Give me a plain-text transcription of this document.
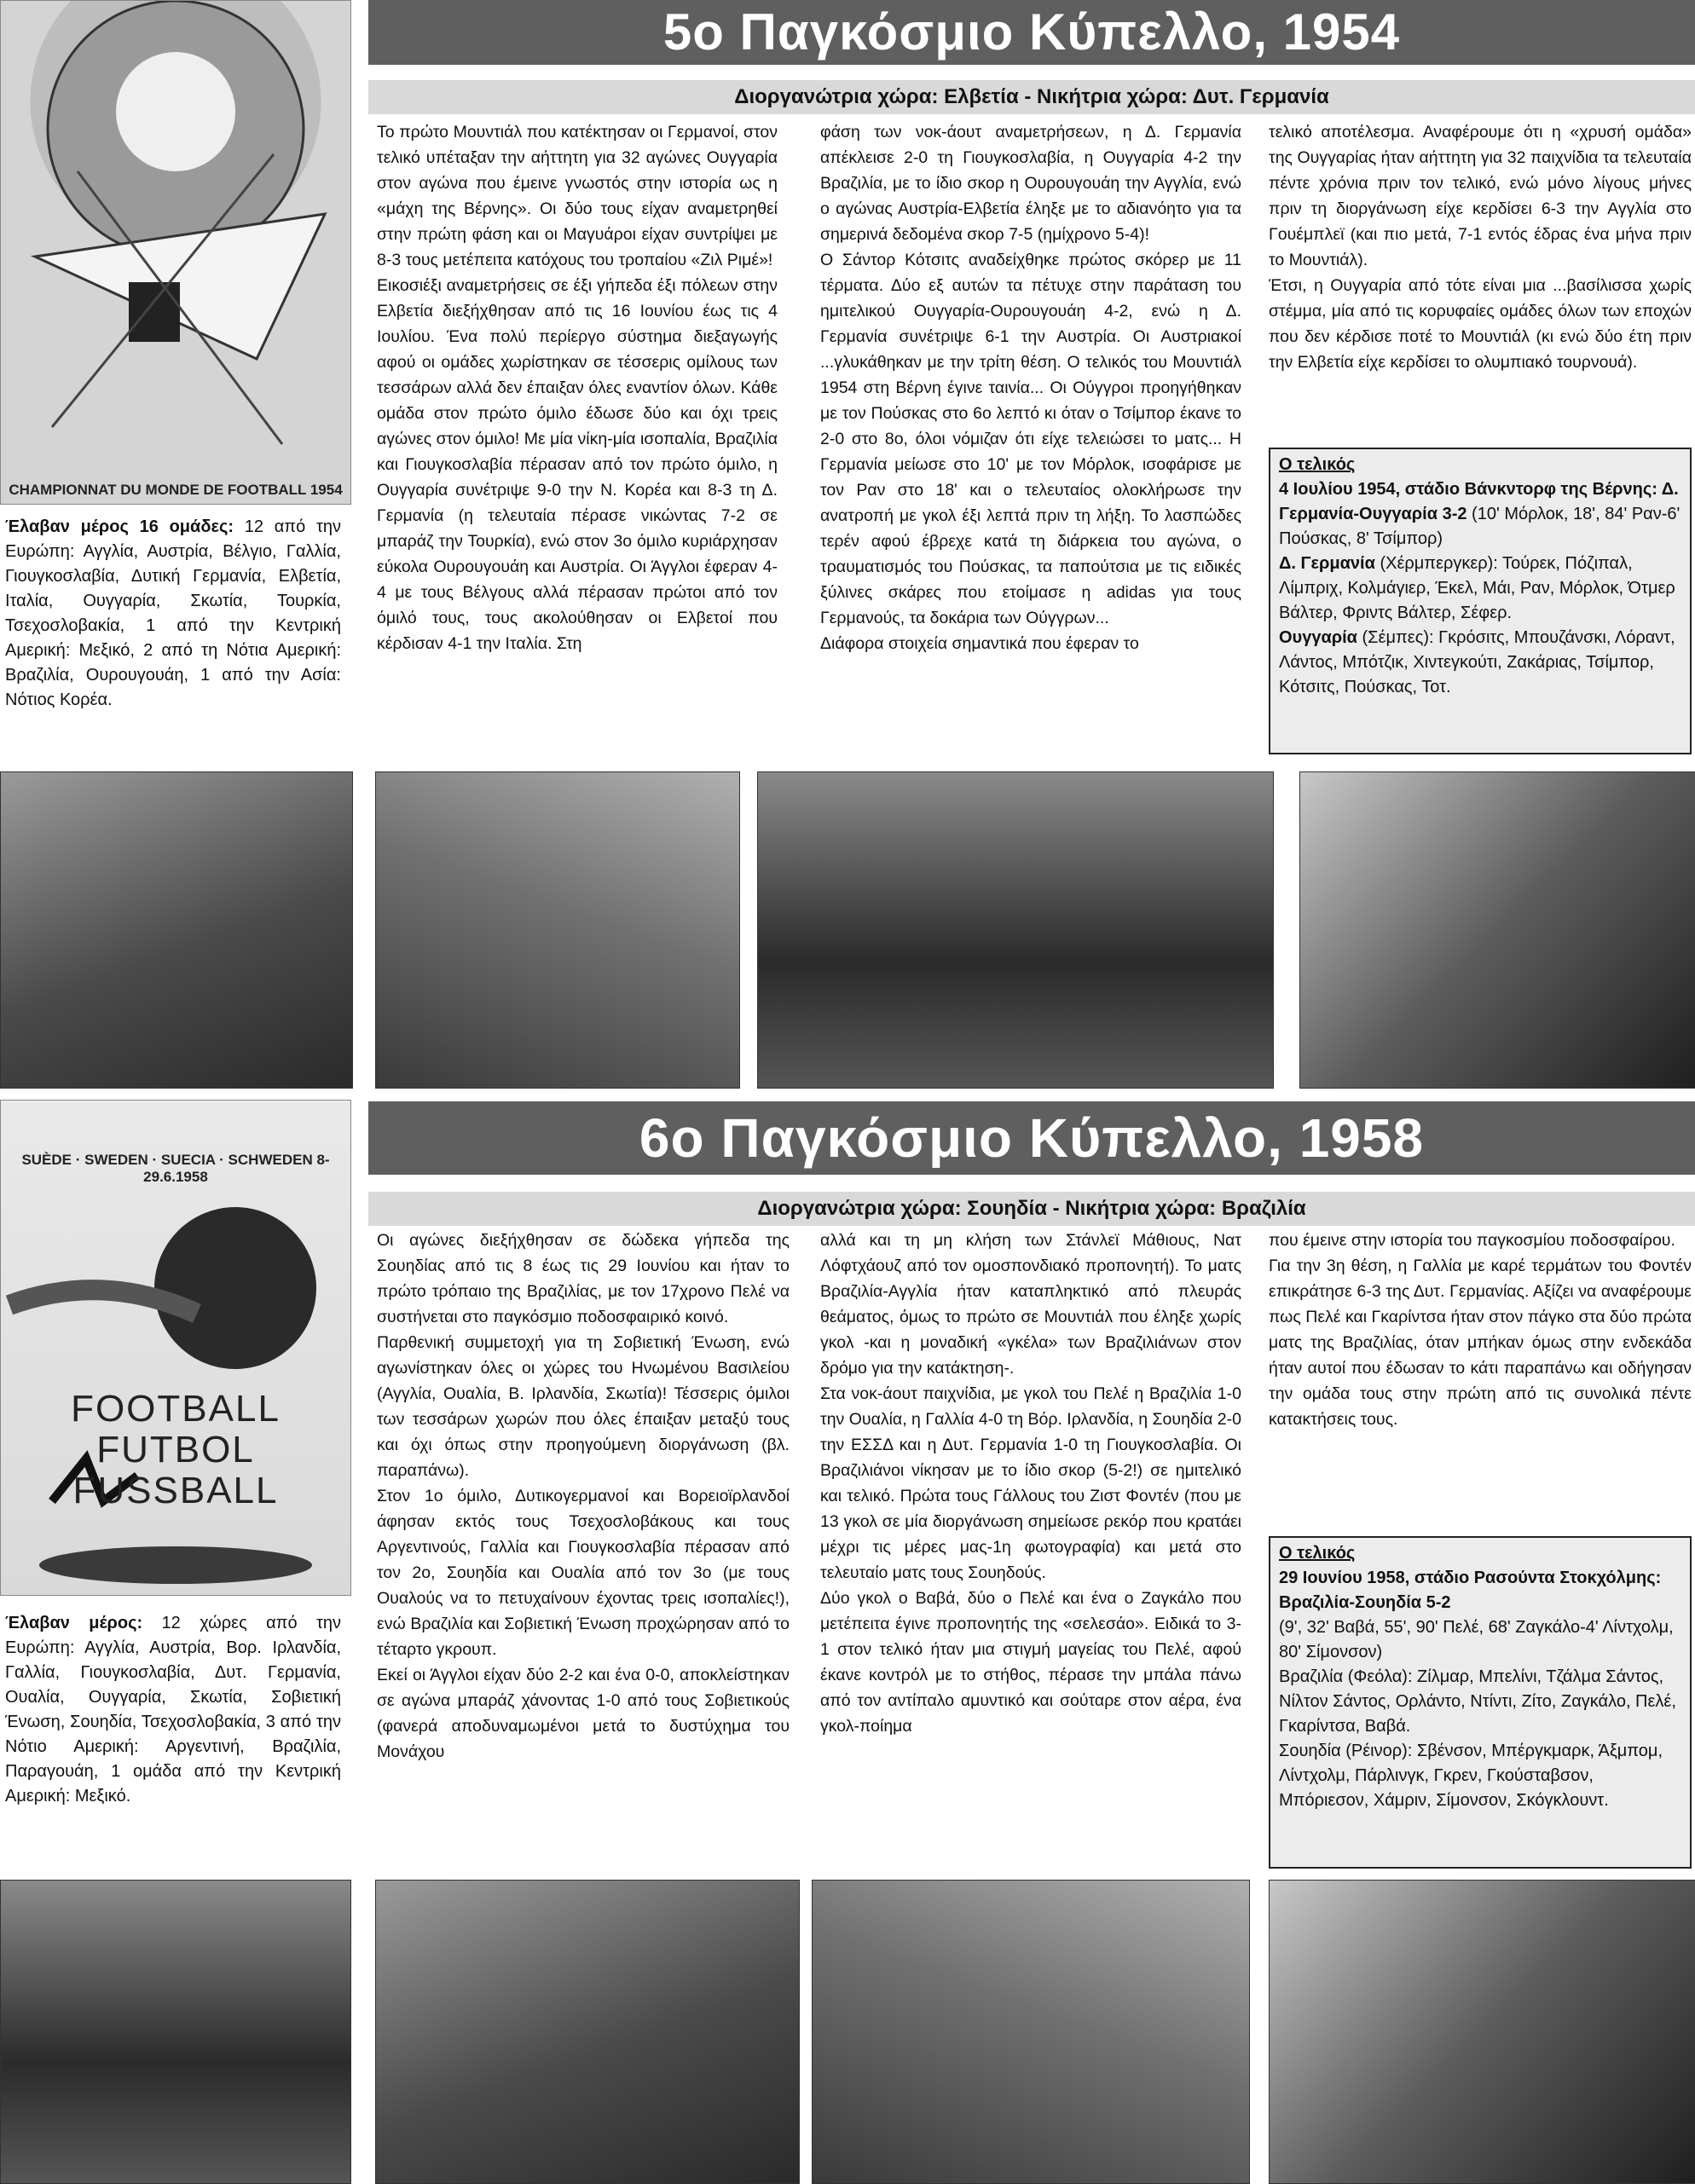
CHAMPIONNAT DU MONDE DE FOOTBALL 1954
Έλαβαν μέρος 16 ομάδες: 12 από την Ευρώπη: Αγγλία, Αυστρία, Βέλγιο, Γαλλία, Γιουγκοσλαβία, Δυτική Γερμανία, Ελβετία, Ιταλία, Ουγγαρία, Σκωτία, Τουρκία, Τσεχοσλοβακία, 1 από την Κεντρική Αμερική: Μεξικό, 2 από τη Νότια Αμερική: Βραζιλία, Ουρουγουάη, 1 από την Ασία: Νότιος Κορέα.
5ο Παγκόσμιο Κύπελλο, 1954
Διοργανώτρια χώρα: Ελβετία - Νικήτρια χώρα: Δυτ. Γερμανία
Το πρώτο Μουντιάλ που κατέκτησαν οι Γερμανοί, στον τελικό υπέταξαν την αήττητη για 32 αγώνες Ουγγαρία στον αγώνα που έμεινε γνωστός στην ιστορία ως η «μάχη της Βέρνης». Οι δύο τους είχαν αναμετρηθεί στην πρώτη φάση και οι Μαγυάροι είχαν συντρίψει με 8-3 τους μετέπειτα κατόχους του τροπαίου «Ζιλ Ριμέ»!
Εικοσιέξι αναμετρήσεις σε έξι γήπεδα έξι πόλεων στην Ελβετία διεξήχθησαν από τις 16 Ιουνίου έως τις 4 Ιουλίου. Ένα πολύ περίεργο σύστημα διεξαγωγής αφού οι ομάδες χωρίστηκαν σε τέσσερις ομίλους των τεσσάρων αλλά δεν έπαιξαν όλες εναντίον όλων. Κάθε ομάδα στον πρώτο όμιλο έδωσε δύο και όχι τρεις αγώνες στον όμιλο! Με μία νίκη-μία ισοπαλία, Βραζιλία και Γιουγκοσλαβία πέρασαν από τον πρώτο όμιλο, η Ουγγαρία συνέτριψε 9-0 την Ν. Κορέα και 8-3 τη Δ. Γερμανία (η τελευταία πέρασε νικώντας 7-2 σε μπαράζ την Τουρκία), ενώ στον 3ο όμιλο κυριάρχησαν εύκολα Ουρουγουάη και Αυστρία. Οι Άγγλοι έφεραν 4-4 με τους Βέλγους αλλά πέρασαν πρώτοι από τον όμιλό τους, τους ακολούθησαν οι Ελβετοί που κέρδισαν 4-1 την Ιταλία. Στη
φάση των νοκ-άουτ αναμετρήσεων, η Δ. Γερμανία απέκλεισε 2-0 τη Γιουγκοσλαβία, η Ουγγαρία 4-2 την Βραζιλία, με το ίδιο σκορ η Ουρουγουάη την Αγγλία, ενώ ο αγώνας Αυστρία-Ελβετία έληξε με το αδιανόητο για τα σημερινά δεδομένα σκορ 7-5 (ημίχρονο 5-4)!
Ο Σάντορ Κότσιτς αναδείχθηκε πρώτος σκόρερ με 11 τέρματα. Δύο εξ αυτών τα πέτυχε στην παράταση του ημιτελικού Ουγγαρία-Ουρουγουάη 4-2, ενώ η Δ. Γερμανία συνέτριψε 6-1 την Αυστρία. Οι Αυστριακοί ...γλυκάθηκαν με την τρίτη θέση. Ο τελικός του Μουντιάλ 1954 στη Βέρνη έγινε ταινία... Οι Ούγγροι προηγήθηκαν με τον Πούσκας στο 6ο λεπτό κι όταν ο Τσίμπορ έκανε το 2-0 στο 8ο, όλοι νόμιζαν ότι είχε τελειώσει το ματς... Η Γερμανία μείωσε στο 10' με τον Μόρλοκ, ισοφάρισε με τον Ραν στο 18' και ο τελευταίος ολοκλήρωσε την ανατροπή με γκολ έξι λεπτά πριν τη λήξη. Το λασπώδες τερέν αφού έβρεχε κατά τη διάρκεια του αγώνα, ο τραυματισμός του Πούσκας, τα παπούτσια με τις ειδικές ξύλινες σκάρες που ετοίμασε η adidas για τους Γερμανούς, τα δοκάρια των Ούγγρων...
Διάφορα στοιχεία σημαντικά που έφεραν το
τελικό αποτέλεσμα. Αναφέρουμε ότι η «χρυσή ομάδα» της Ουγγαρίας ήταν αήττητη για 32 παιχνίδια τα τελευταία πέντε χρόνια πριν τον τελικό, ενώ μόνο λίγους μήνες πριν τη διοργάνωση είχε κερδίσει 6-3 την Αγγλία στο Γουέμπλεϊ (και πιο μετά, 7-1 εντός έδρας ένα μήνα πριν το Μουντιάλ).
Έτσι, η Ουγγαρία από τότε είναι μια ...βασίλισσα χωρίς στέμμα, μία από τις κορυφαίες ομάδες όλων των εποχών που δεν κέρδισε ποτέ το Μουντιάλ (κι ενώ δύο έτη πριν την Ελβετία είχε κερδίσει το ολυμπιακό τουρνουά).
Ο τελικός
4 Ιουλίου 1954, στάδιο Βάνκντορφ της Βέρνης: Δ. Γερμανία-Ουγγαρία 3-2 (10' Μόρλοκ, 18', 84' Ραν-6' Πούσκας, 8' Τσίμπορ)
Δ. Γερμανία (Χέρμπεργκερ): Τούρεκ, Πόζιπαλ, Λίμπριχ, Κολμάγιερ, Έκελ, Μάι, Ραν, Μόρλοκ, Ότμερ Βάλτερ, Φριντς Βάλτερ, Σέφερ.
Ουγγαρία (Σέμπες): Γκρόσιτς, Μπουζάνσκι, Λόραντ, Λάντος, Μπότζικ, Χιντεγκούτι, Ζακάριας, Τσίμπορ, Κότσιτς, Πούσκας, Τοτ.
SUÈDE · SWEDEN · SUECIA · SCHWEDEN 8-29.6.1958
FOOTBALL
FUTBOL
FUSSBALL
Έλαβαν μέρος: 12 χώρες από την Ευρώπη: Αγγλία, Αυστρία, Βορ. Ιρλανδία, Γαλλία, Γιουγκοσλαβία, Δυτ. Γερμανία, Ουαλία, Ουγγαρία, Σκωτία, Σοβιετική Ένωση, Σουηδία, Τσεχοσλοβακία, 3 από την Νότιο Αμερική: Αργεντινή, Βραζιλία, Παραγουάη, 1 ομάδα από την Κεντρική Αμερική: Μεξικό.
6ο Παγκόσμιο Κύπελλο, 1958
Διοργανώτρια χώρα: Σουηδία - Νικήτρια χώρα: Βραζιλία
Οι αγώνες διεξήχθησαν σε δώδεκα γήπεδα της Σουηδίας από τις 8 έως τις 29 Ιουνίου και ήταν το πρώτο τρόπαιο της Βραζιλίας, με τον 17χρονο Πελέ να συστήνεται στο παγκόσμιο ποδοσφαιρικό κοινό.
Παρθενική συμμετοχή για τη Σοβιετική Ένωση, ενώ αγωνίστηκαν όλες οι χώρες του Ηνωμένου Βασιλείου (Αγγλία, Ουαλία, Β. Ιρλανδία, Σκωτία)! Τέσσερις όμιλοι των τεσσάρων χωρών που όλες έπαιξαν μεταξύ τους και όχι όπως στην προηγούμενη διοργάνωση (βλ. παραπάνω).
Στον 1ο όμιλο, Δυτικογερμανοί και Βορειοϊρλανδοί άφησαν εκτός τους Τσεχοσλοβάκους και τους Αργεντινούς, Γαλλία και Γιουγκοσλαβία πέρασαν από τον 2ο, Σουηδία και Ουαλία από τον 3ο (με τους Ουαλούς να το πετυχαίνουν έχοντας τρεις ισοπαλίες!), ενώ Βραζιλία και Σοβιετική Ένωση προχώρησαν από το τέταρτο γκρουπ.
Εκεί οι Άγγλοι είχαν δύο 2-2 και ένα 0-0, αποκλείστηκαν σε αγώνα μπαράζ χάνοντας 1-0 από τους Σοβιετικούς (φανερά αποδυναμωμένοι μετά το δυστύχημα του Μονάχου
αλλά και τη μη κλήση των Στάνλεϊ Μάθιους, Νατ Λόφτχάουζ από τον ομοσπονδιακό προπονητή). Το ματς Βραζιλία-Αγγλία ήταν καταπληκτικό από πλευράς θεάματος, όμως το πρώτο σε Μουντιάλ που έληξε χωρίς γκολ -και η μοναδική «γκέλα» των Βραζιλιάνων στον δρόμο για την κατάκτηση-.
Στα νοκ-άουτ παιχνίδια, με γκολ του Πελέ η Βραζιλία 1-0 την Ουαλία, η Γαλλία 4-0 τη Βόρ. Ιρλανδία, η Σουηδία 2-0 την ΕΣΣΔ και η Δυτ. Γερμανία 1-0 τη Γιουγκοσλαβία. Οι Βραζιλιάνοι νίκησαν με το ίδιο σκορ (5-2!) σε ημιτελικό και τελικό. Πρώτα τους Γάλλους του Ζιστ Φοντέν (που με 13 γκολ σε μία διοργάνωση σημείωσε ρεκόρ που κρατάει μέχρι τις μέρες μας-1η φωτογραφία) και μετά στο τελευταίο ματς τους Σουηδούς.
Δύο γκολ ο Βαβά, δύο ο Πελέ και ένα ο Ζαγκάλο που μετέπειτα έγινε προπονητής της «σελεσάο». Ειδικά το 3-1 στον τελικό ήταν μια στιγμή μαγείας του Πελέ, αφού έκανε κοντρόλ με το στήθος, πέρασε την μπάλα πάνω από τον αντίπαλο αμυντικό και σούταρε στον αέρα, ένα γκολ-ποίημα
που έμεινε στην ιστορία του παγκοσμίου ποδοσφαίρου.
Για την 3η θέση, η Γαλλία με καρέ τερμάτων του Φοντέν επικράτησε 6-3 της Δυτ. Γερμανίας. Αξίζει να αναφέρουμε πως Πελέ και Γκαρίντσα ήταν στον πάγκο στα δύο πρώτα ματς της Βραζιλίας, όταν μπήκαν όμως στην ενδεκάδα ήταν αυτοί που έδωσαν το κάτι παραπάνω και οδήγησαν την ομάδα τους στην πρώτη από τις συνολικά πέντε κατακτήσεις τους.
Ο τελικός
29 Ιουνίου 1958, στάδιο Ρασούντα Στοκχόλμης: Βραζιλία-Σουηδία 5-2
(9', 32' Βαβά, 55', 90' Πελέ, 68' Ζαγκάλο-4' Λίντχολμ, 80' Σίμονσον)
Βραζιλία (Φεόλα): Ζίλμαρ, Μπελίνι, Τζάλμα Σάντος, Νίλτον Σάντος, Ορλάντο, Ντίντι, Ζίτο, Ζαγκάλο, Πελέ, Γκαρίντσα, Βαβά.
Σουηδία (Ρέινορ): Σβένσον, Μπέργκμαρκ, Άξμπομ, Λίντχολμ, Πάρλινγκ, Γκρεν, Γκούσταβσον, Μπόριεσον, Χάμριν, Σίμονσον, Σκόγκλουντ.
